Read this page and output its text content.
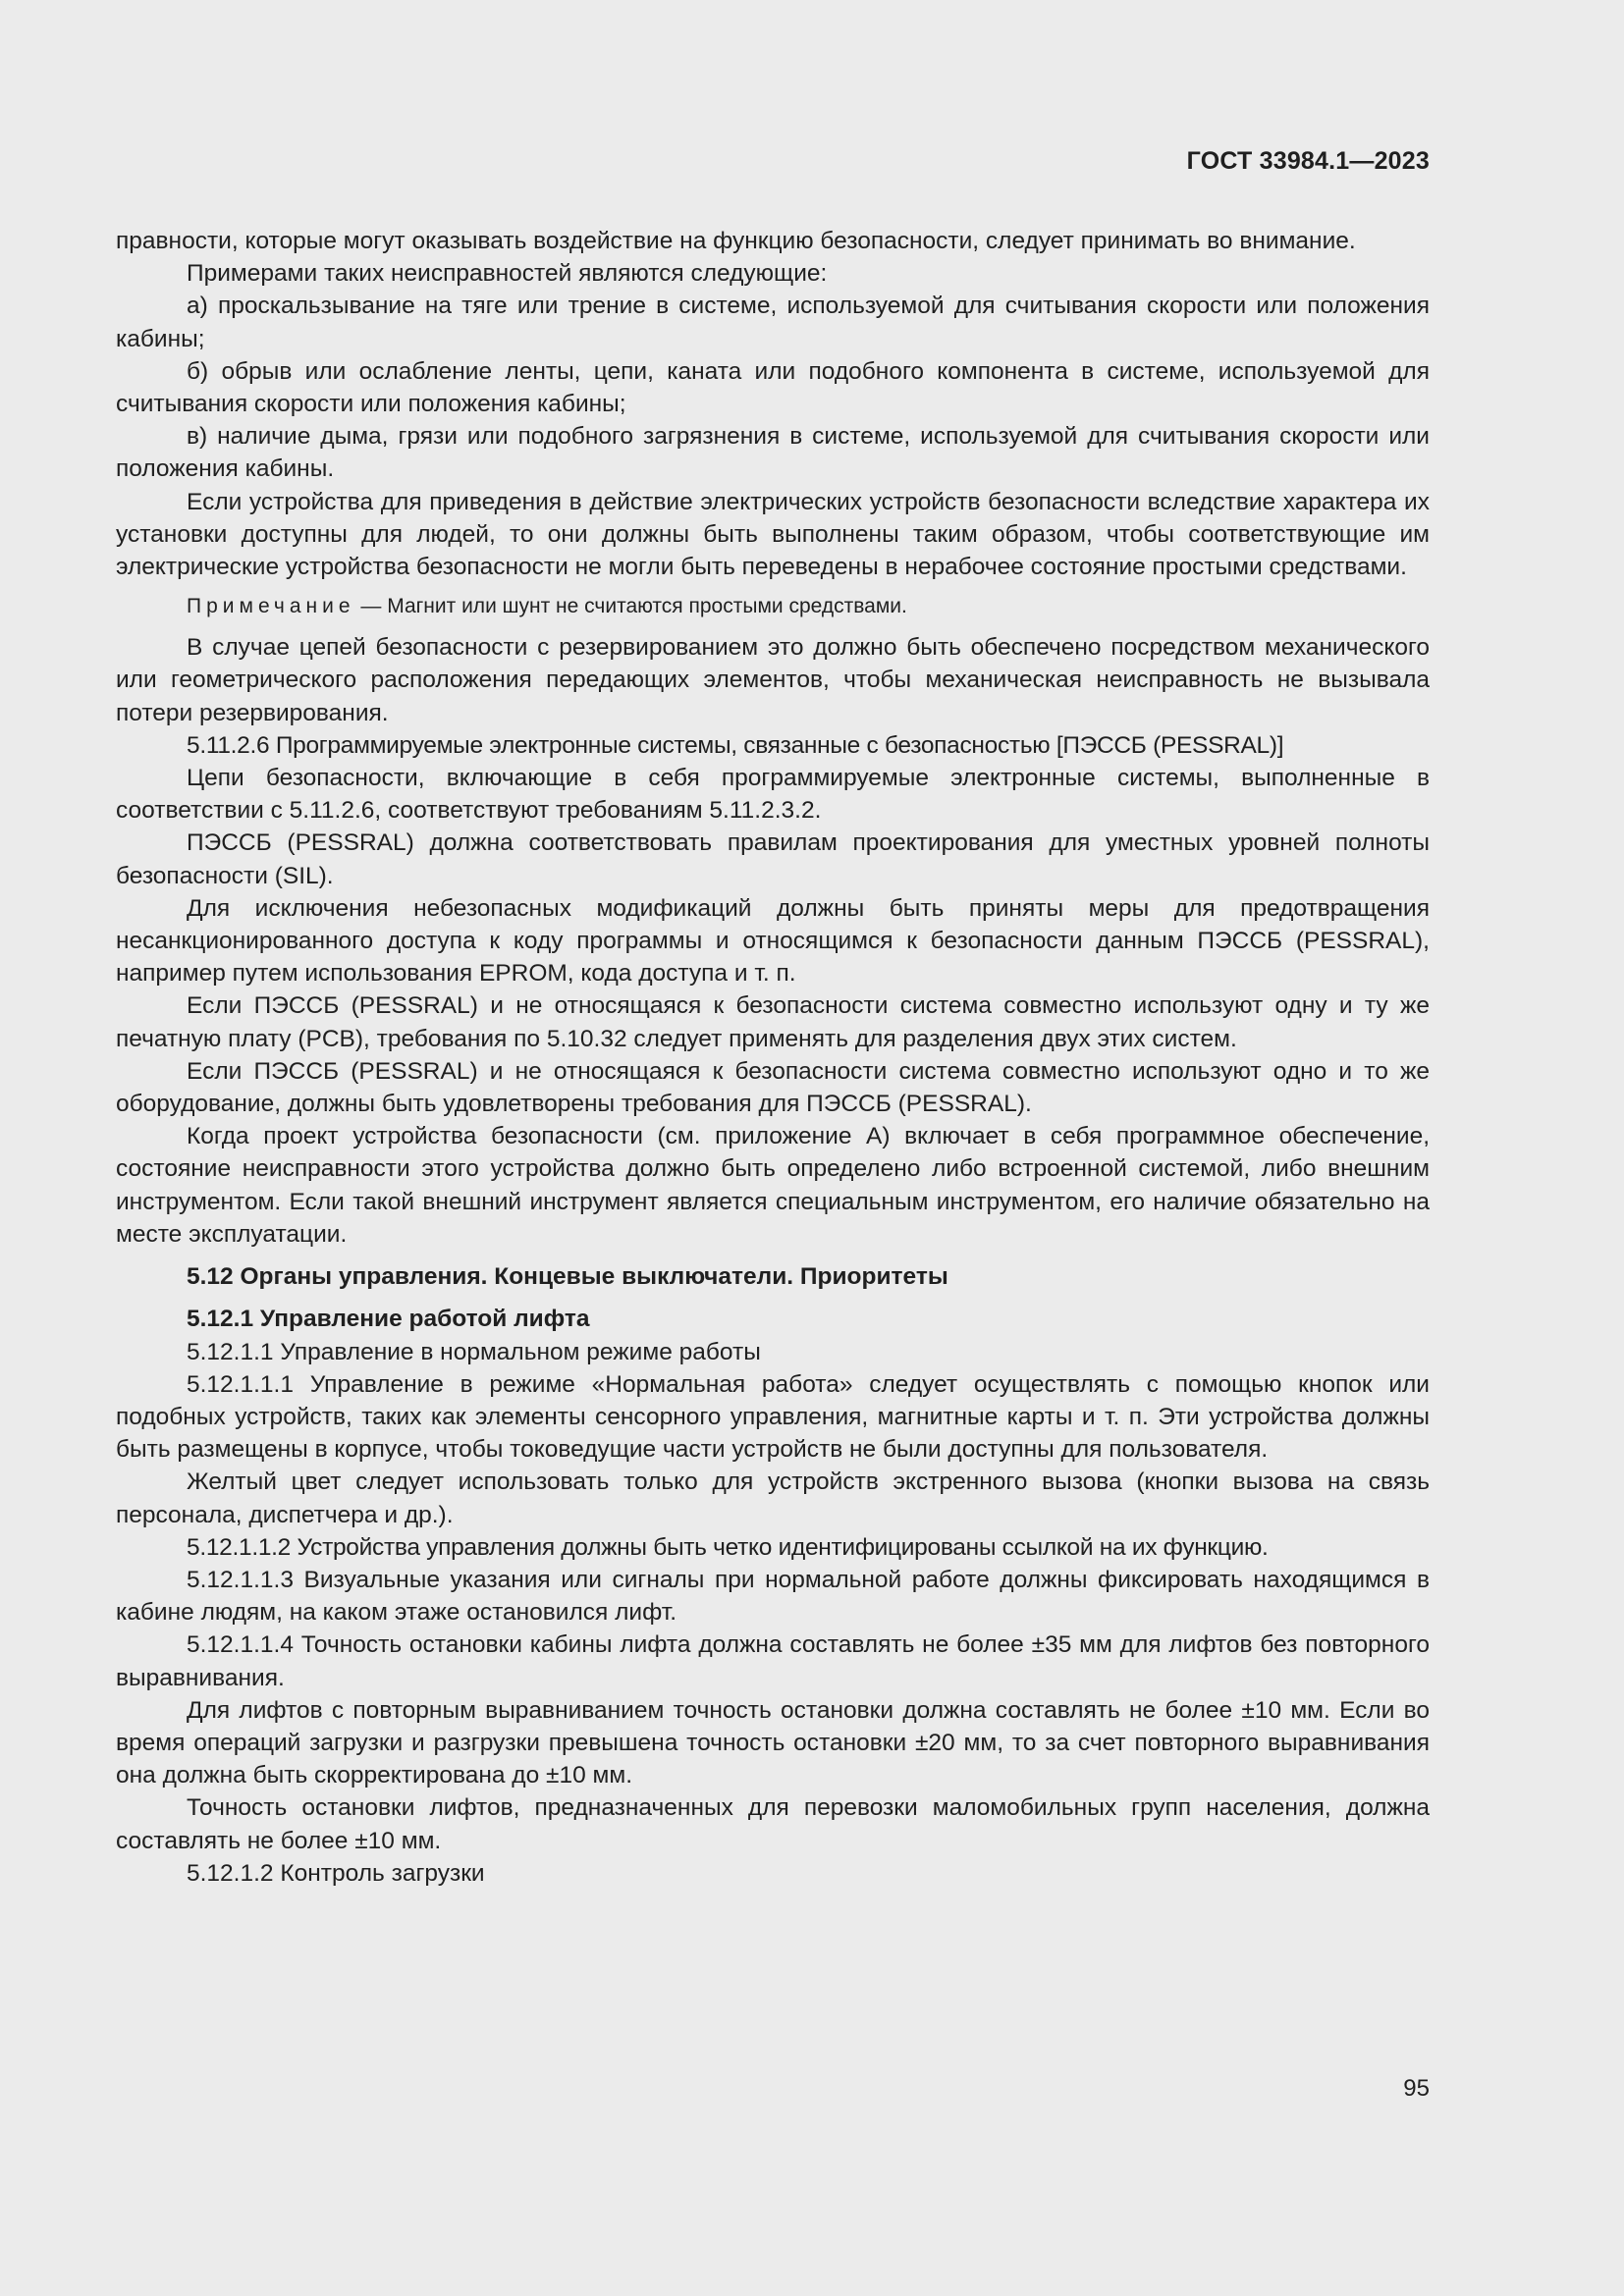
ГОСТ 33984.1—2023

правности, которые могут оказывать воздействие на функцию безопасности, следует принимать во внимание.

Примерами таких неисправностей являются следующие:

а) проскальзывание на тяге или трение в системе, используемой для считывания скорости или положения кабины;

б) обрыв или ослабление ленты, цепи, каната или подобного компонента в системе, используемой для считывания скорости или положения кабины;

в) наличие дыма, грязи или подобного загрязнения в системе, используемой для считывания скорости или положения кабины.

Если устройства для приведения в действие электрических устройств безопасности вследствие характера их установки доступны для людей, то они должны быть выполнены таким образом, чтобы соответствующие им электрические устройства безопасности не могли быть переведены в нерабочее состояние простыми средствами.

Примечание — Магнит или шунт не считаются простыми средствами.

В случае цепей безопасности с резервированием это должно быть обеспечено посредством механического или геометрического расположения передающих элементов, чтобы механическая неисправность не вызывала потери резервирования.

5.11.2.6 Программируемые электронные системы, связанные с безопасностью [ПЭССБ (PESSRAL)]

Цепи безопасности, включающие в себя программируемые электронные системы, выполненные в соответствии с 5.11.2.6, соответствуют требованиям 5.11.2.3.2.

ПЭССБ (PESSRAL) должна соответствовать правилам проектирования для уместных уровней полноты безопасности (SIL).

Для исключения небезопасных модификаций должны быть приняты меры для предотвращения несанкционированного доступа к коду программы и относящимся к безопасности данным ПЭССБ (PESSRAL), например путем использования EPROM, кода доступа и т. п.

Если ПЭССБ (PESSRAL) и не относящаяся к безопасности система совместно используют одну и ту же печатную плату (PCB), требования по 5.10.32 следует применять для разделения двух этих систем.

Если ПЭССБ (PESSRAL) и не относящаяся к безопасности система совместно используют одно и то же оборудование, должны быть удовлетворены требования для ПЭССБ (PESSRAL).

Когда проект устройства безопасности (см. приложение А) включает в себя программное обеспечение, состояние неисправности этого устройства должно быть определено либо встроенной системой, либо внешним инструментом. Если такой внешний инструмент является специальным инструментом, его наличие обязательно на месте эксплуатации.

5.12 Органы управления. Концевые выключатели. Приоритеты

5.12.1 Управление работой лифта

5.12.1.1 Управление в нормальном режиме работы

5.12.1.1.1 Управление в режиме «Нормальная работа» следует осуществлять с помощью кнопок или подобных устройств, таких как элементы сенсорного управления, магнитные карты и т. п. Эти устройства должны быть размещены в корпусе, чтобы токоведущие части устройств не были доступны для пользователя.

Желтый цвет следует использовать только для устройств экстренного вызова (кнопки вызова на связь персонала, диспетчера и др.).

5.12.1.1.2 Устройства управления должны быть четко идентифицированы ссылкой на их функцию.

5.12.1.1.3 Визуальные указания или сигналы при нормальной работе должны фиксировать находящимся в кабине людям, на каком этаже остановился лифт.

5.12.1.1.4 Точность остановки кабины лифта должна составлять не более ±35 мм для лифтов без повторного выравнивания.

Для лифтов с повторным выравниванием точность остановки должна составлять не более ±10 мм. Если во время операций загрузки и разгрузки превышена точность остановки ±20 мм, то за счет повторного выравнивания она должна быть скорректирована до ±10 мм.

Точность остановки лифтов, предназначенных для перевозки маломобильных групп населения, должна составлять не более ±10 мм.

5.12.1.2 Контроль загрузки

95
